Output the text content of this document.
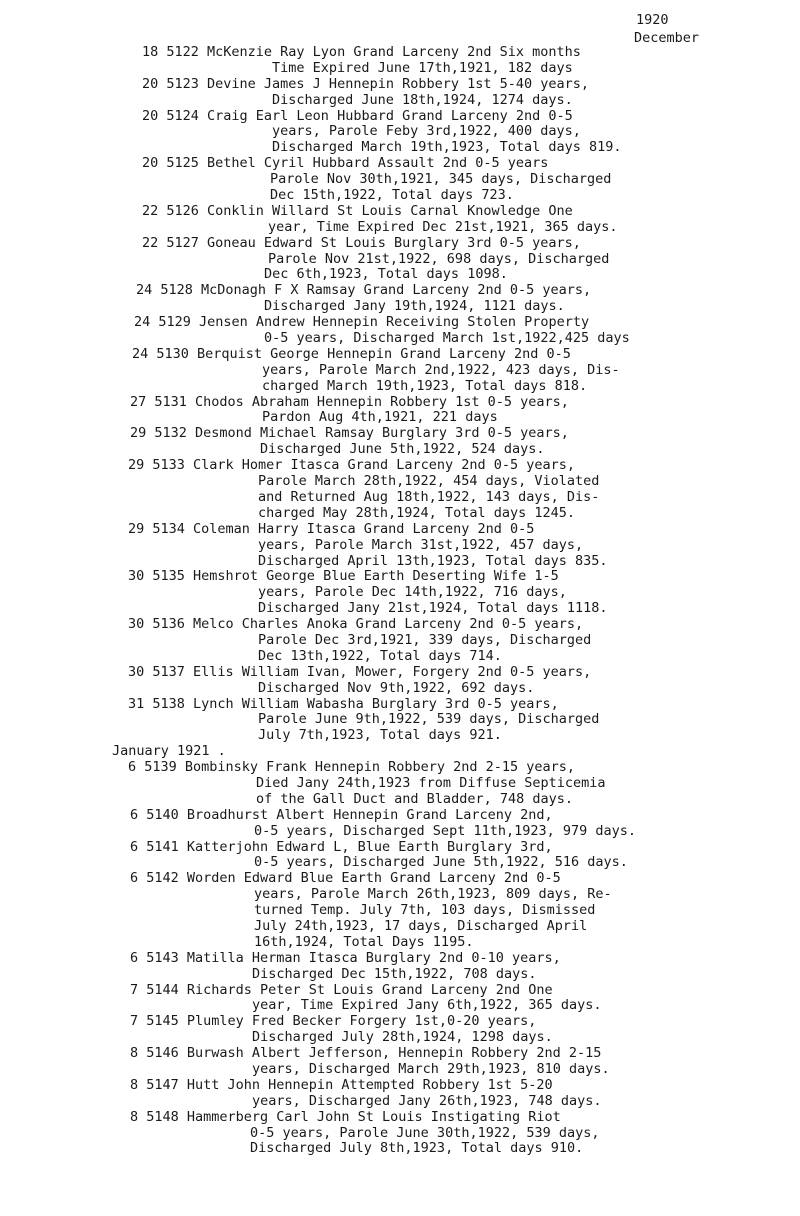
1920
December
18 5122 McKenzie Ray Lyon Grand Larceny 2nd Six months
Time Expired June 17th,1921, 182 days
20 5123 Devine James J Hennepin Robbery 1st 5-40 years,
Discharged June 18th,1924, 1274 days.
20 5124 Craig Earl Leon Hubbard Grand Larceny 2nd 0-5
years, Parole Feby 3rd,1922, 400 days,
Discharged March 19th,1923, Total days 819.
20 5125 Bethel Cyril Hubbard Assault 2nd 0-5 years
Parole Nov 30th,1921, 345 days, Discharged
Dec 15th,1922, Total days 723.
22 5126 Conklin Willard St Louis Carnal Knowledge One
year, Time Expired Dec 21st,1921, 365 days.
22 5127 Goneau Edward St Louis Burglary 3rd 0-5 years,
Parole Nov 21st,1922, 698 days, Discharged
Dec 6th,1923, Total days 1098.
24 5128 McDonagh F X Ramsay Grand Larceny 2nd 0-5 years,
Discharged Jany 19th,1924, 1121 days.
24 5129 Jensen Andrew Hennepin Receiving Stolen Property
0-5 years, Discharged March 1st,1922,425 days
24 5130 Berquist George Hennepin Grand Larceny 2nd 0-5
years, Parole March 2nd,1922, 423 days, Dis-
charged March 19th,1923, Total days 818.
27 5131 Chodos Abraham Hennepin Robbery 1st 0-5 years,
Pardon Aug 4th,1921, 221 days
29 5132 Desmond Michael Ramsay Burglary 3rd 0-5 years,
Discharged June 5th,1922, 524 days.
29 5133 Clark Homer Itasca Grand Larceny 2nd 0-5 years,
Parole March 28th,1922, 454 days, Violated
and Returned Aug 18th,1922, 143 days, Dis-
charged May 28th,1924, Total days 1245.
29 5134 Coleman Harry Itasca Grand Larceny 2nd 0-5
years, Parole March 31st,1922, 457 days,
Discharged April 13th,1923, Total days 835.
30 5135 Hemshrot George Blue Earth Deserting Wife 1-5
years, Parole Dec 14th,1922, 716 days,
Discharged Jany 21st,1924, Total days 1118.
30 5136 Melco Charles Anoka Grand Larceny 2nd 0-5 years,
Parole Dec 3rd,1921, 339 days, Discharged
Dec 13th,1922, Total days 714.
30 5137 Ellis William Ivan, Mower, Forgery 2nd 0-5 years,
Discharged Nov 9th,1922, 692 days.
31 5138 Lynch William Wabasha Burglary 3rd 0-5 years,
Parole June 9th,1922, 539 days, Discharged
July 7th,1923, Total days 921.
January 1921 .
6 5139 Bombinsky Frank Hennepin Robbery 2nd 2-15 years,
Died Jany 24th,1923 from Diffuse Septicemia
of the Gall Duct and Bladder, 748 days.
6 5140 Broadhurst Albert Hennepin Grand Larceny 2nd,
0-5 years, Discharged Sept 11th,1923, 979 days.
6 5141 Katterjohn Edward L, Blue Earth Burglary 3rd,
0-5 years, Discharged June 5th,1922, 516 days.
6 5142 Worden Edward Blue Earth Grand Larceny 2nd 0-5
years, Parole March 26th,1923, 809 days, Re-
turned Temp. July 7th, 103 days, Dismissed
July 24th,1923, 17 days, Discharged April
16th,1924, Total Days 1195.
6 5143 Matilla Herman Itasca Burglary 2nd 0-10 years,
Discharged Dec 15th,1922, 708 days.
7 5144 Richards Peter St Louis Grand Larceny 2nd One
year, Time Expired Jany 6th,1922, 365 days.
7 5145 Plumley Fred Becker Forgery 1st,0-20 years,
Discharged July 28th,1924, 1298 days.
8 5146 Burwash Albert Jefferson, Hennepin Robbery 2nd 2-15
years, Discharged March 29th,1923, 810 days.
8 5147 Hutt John Hennepin Attempted Robbery 1st 5-20
years, Discharged Jany 26th,1923, 748 days.
8 5148 Hammerberg Carl John St Louis Instigating Riot
0-5 years, Parole June 30th,1922, 539 days,
Discharged July 8th,1923, Total days 910.
